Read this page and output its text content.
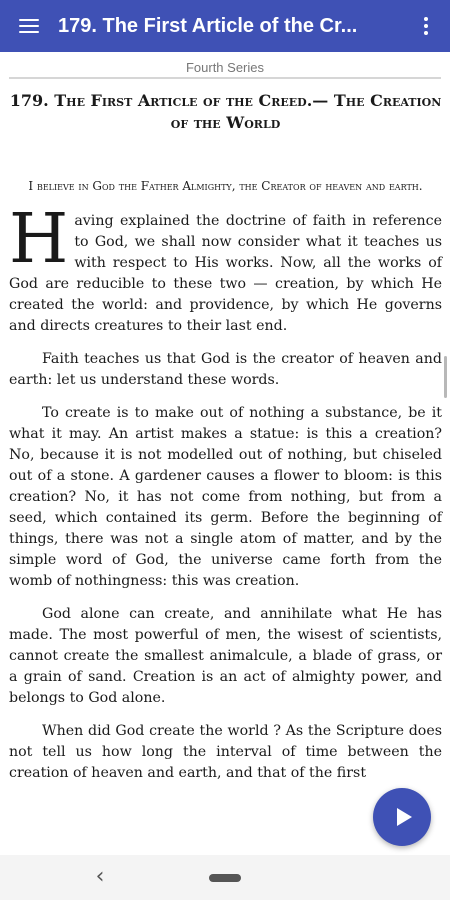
179. The First Article of the Cr...
Fourth Series
179. The First Article of the Creed.— The Creation of the World
I believe in God the Father Almighty, the Creator of heaven and earth.

H aving explained the doctrine of faith in reference to God, we shall now consider what it teaches us with respect to His works. Now, all the works of God are reducible to these two — creation, by which He created the world: and providence, by which He governs and directs creatures to their last end.

Faith teaches us that God is the creator of heaven and earth: let us understand these words.

To create is to make out of nothing a substance, be it what it may. An artist makes a statue: is this a creation? No, because it is not modelled out of nothing, but chiseled out of a stone. A gardener causes a flower to bloom: is this creation? No, it has not come from nothing, but from a seed, which contained its germ. Before the beginning of things, there was not a single atom of matter, and by the simple word of God, the universe came forth from the womb of nothingness: this was creation.

God alone can create, and annihilate what He has made. The most powerful of men, the wisest of scientists, cannot create the smallest animalcule, a blade of grass, or a grain of sand. Creation is an act of almighty power, and belongs to God alone.

When did God create the world ? As the Scripture does not tell us how long the interval of time between the creation of heaven and earth, and that of the first

‹
